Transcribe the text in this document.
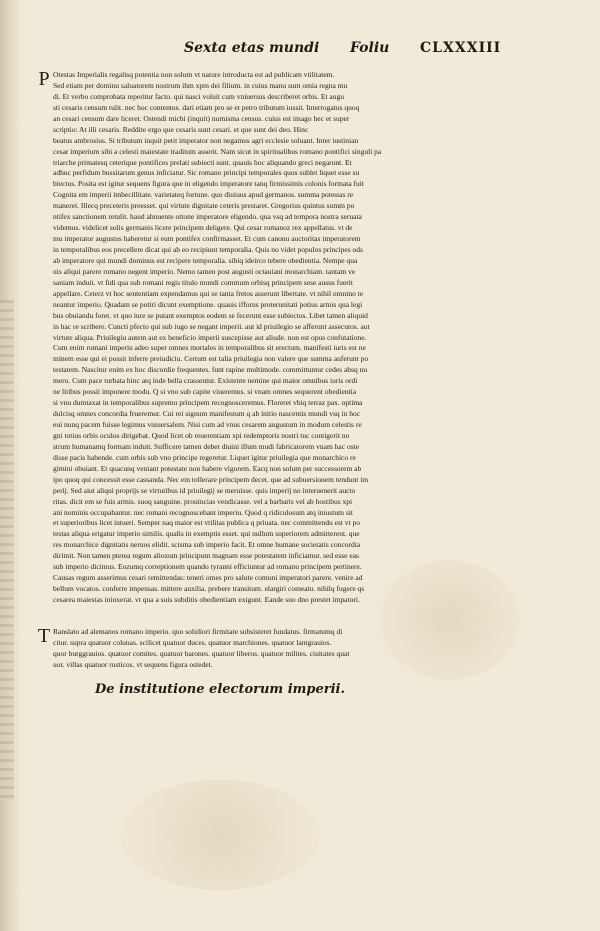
Sexta etas mundi Foliu CLXXXIII
P Otestas Imperialis regalisq potentia non solum vt nature introducta est ad publicam vtilitatem.
Sed etiam per dominu saluatorem nostrum ihm xpm dei filium. in cuius manu sunt omia regna mu
di. Et verbo comprobata reperitur facto. qui nasci voluit cum vniuersus describeret orbis. Et augu
sti cesaris censum tulit. nec hoc contentus. dari etiam pro se et petro tributum iussit. Interrogatus quoq
an cesari censum dare liceret. Ostendi michi (inquit) numisma census. cuius est imago hec et super
scriptio: At illi cesaris. Reddite ergo que cesaris sunt cesari. et que sunt dei deo. Hinc
beatus ambrosius. Si tributum inquit petit imperator non negamus agri ecclesie soluant. Inter iustinian
cesar imperium sibi a celesti maiestate traditum asserit. Nam sicut in spiritualibus romano pontifici singuli pa
triarche primatesq ceterique pontifices prelati subiecti sunt. quauis hoc aliquando greci negarunt. Et
adhuc perfidum bussitarum genus inficiatur. Sic romano principi temporales quos sublet liquet esse su
biectos. Posita est igitur sequens figura que in eligendo imperatore tanq firmissimis colonis formata fuit
Cognita em imperii imbecillitate. varietateq fortune. quo diuiuus apud germanos. summa potestas re
maneret. Illecq preceteris preesset. qui virtute dignitate ceteris prestaret. Gregorius quintus summ po
ntifex sanctionem retulit. haud abnuente ottone imperatore eligendo. qua vsq ad tempora nostra seruata
videmus. videlicet solis germanis licere principem deligere. Qui cesar romanoz rex appellatus. vt de
mu imperator augustus haberetur si eum pontifex confirmasset. Et cum canonu auctoritas imperatorem
in temporalibus eos precellere dicat qui ab eo recipiunt temporalia. Quis no videt populos principes ods
ab imperatore qui mundi dominus est recipere temporalia. sibiq ideirco tebere obedientia. Nempe qua
uis aliqui parere romano negent imperio. Nemo tamen post augusti octauiani monarchiam. tantam ve
saniam induit. vt fidi qua sub romani regis titulo mundi commum orbisq principem sese ausus fuerit
appellare. Ceterz vt hoc sententiam expendamus qui se tanta fretos asserunt libertate. vt nihil omnino te
neantur imperio. Quadam se potiri dicunt exemptione. quauis ifforus proterunitati potius armis qua legi
bus obuiandu foret. vt quo iure se putant exemptos eodem se fecerunt esse subiectos. Libet tamen aliquid
in hac re scribere. Cuncti pfecto qui sub iugo se negant imperii. aut id priuilegio se afferunt assecutos. aut
virtute aliqua. Priuilegiu autem aut ex beneficio imperii suscepisse aut aliude. non est opus confutatione.
Cum enim romani imperiu adeo super omnes mortales in temporalibus sit erectum. manifesti iuris est ne
minem esse qui ei possit inferre preiudiciu. Certum est talia priuilegia non valere que summa auferunt po
testatem. Nascitur enim ex hoc discordie frequentes. funt rapine multimode. committuntur cedes absq nu
mero. Cum pace turbata hinc atq inde bella crassentur. Existente nemine qui maior omnibus iuris ordi
ne litibus possit imponere modu. Q si vno sub capite viueremus. si vnam omnes sequerent obedientia
si vnu dumtaxat in temporalibus supremu principem recognosceremus. Floreret vbiq terraz pax. optima
dulcisq omnes concordia frueremur. Cui rei signum manifestum q ab initio nascentis mundi vsq in hoc
eui nunq pacem fuisse legimus vniuersalem. Nisi cum ad vnus cesarem augustum in modum celestis re
gni totius orbis oculos dirigebat. Quod licet ob reuerentiam xpi redemptoris nostri tuc contigerit no
strum humanamq formam induit. Sufficere tamen debet diuini illum mudi fabricatorem vnam hac oste
disse pacis habende. cum orbis sub vno principe regeretur. Liquet igitur priuilegia que monarchico re
gimini obuiant. Et quacunq veniant potestate non habere vigorem. Eacq non solum per successorem ab
ipo quoq qui concessit esse cassanda. Nec em tollerare principem decet. que ad subuersionem tendunt im
perij. Sed aiut aliqui proprijs se virtutibus id priuilegij se meruisse. quis imperij no interuenerit aucto
ritas. dicit em se fuis armis. suoq sanguine. prouincias vendicasse. vel a barbaris vel ab hostibus xpi
ani nominis occupabantur. nec romani recognoscebant imperiu. Quod q ridiculosum atq iniustum sit
et superioribus licet intueri. Semper naq maior est vtilitas publica q priuata. nec committendu est vt po
testas aliqua erigatur imperio similis. qualis in exemptis esset. qui nullum superiorem admitterent. que
res monarchice dignitatis neruos elidit. scisma sub imperio facit. Et omne humane societatis concordia
dirimit. Non tamen pterea regum aliozum principum magnam esse potestatem inficiamur. sed esse eas
sub imperio dicimus. Eozumq correptionem quando tyranni efficiuntur ad romanu principem pertinere.
Causas regum asserimus cesari remittendas: teneri omes pro salute comuni imperatori parere. venire ad
bellum vocatos. conferre impensas. mittere auxilia. prebere transitum. elargiri comeatu. nihilq fugere qs
cesarea maiestas iniuxerat. vt qua a suis subditis obedientiam exigunt. Eande suo dno prestet impatori.
T Ranslato ad alemanos romano imperio. quo solidiori firmitate subsisteret fundatus. firmatumq di
citur. supra quatuor colunas. scilicet quatuor duces. quatuor marchiones. quatuor lantgrauios.
quor burggrauios. quatuor comites. quatuor barones. quatuor liberos. quatuor milites. ciuitates quat
uor. villas quatuor rusticos. vt sequens figura ostedet.
De institutione electorum imperii.
